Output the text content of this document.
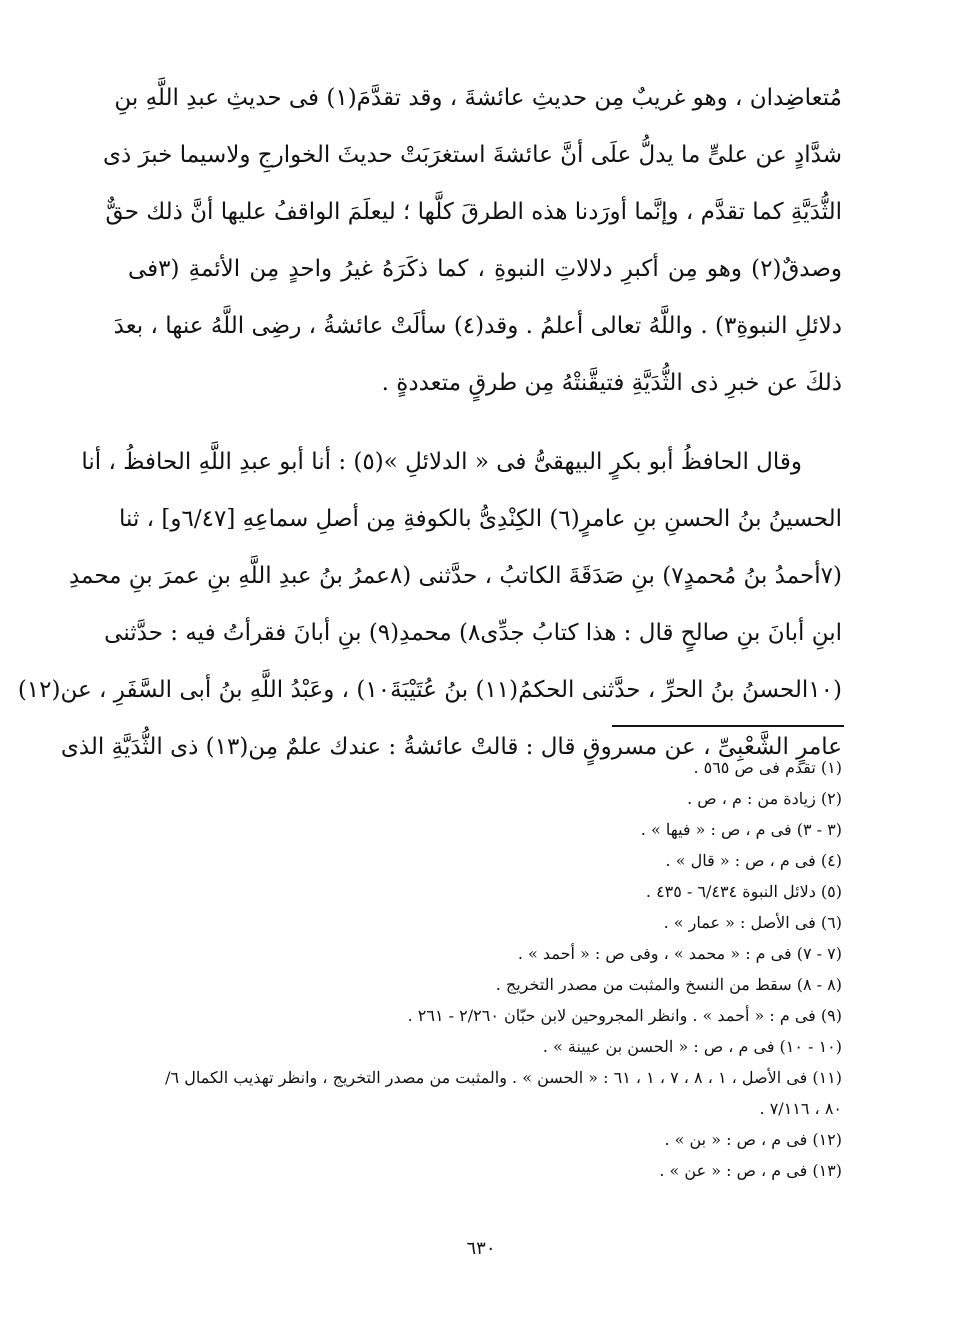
مُتعاضِدان ، وهو غريبٌ مِن حديثِ عائشةَ ، وقد تقدَّمَ(١) فى حديثِ عبدِ اللَّهِ بنِ
شدَّادٍ عن علىٍّ ما يدلُّ علَى أنَّ عائشةَ استغرَبَتْ حديثَ الخوارجِ ولاسيما خبرَ ذى
الثُّدَيَّةِ كما تقدَّم ، وإنَّما أورَدنا هذه الطرقَ كلَّها ؛ ليعلَمَ الواقفُ عليها أنَّ ذلك حقٌّ
وصدقٌ(٢) وهو مِن أكبرِ دلالاتِ النبوةِ ، كما ذكَرَهُ غيرُ واحدٍ مِن الأئمةِ (٣فى
دلائلِ النبوةِ٣) . واللَّهُ تعالى أعلمُ . وقد(٤) سألَتْ عائشةُ ، رضِى اللَّهُ عنها ، بعدَ
ذلكَ عن خبرِ ذى الثُّدَيَّةِ فتيقَّنتْهُ مِن طرقٍ متعددةٍ .
وقال الحافظُ أبو بكرٍ البيهقىُّ فى « الدلائلِ »(٥) : أنا أبو عبدِ اللَّهِ الحافظُ ، أنا
الحسينُ بنُ الحسنِ بنِ عامرٍ(٦) الكِنْدِىُّ بالكوفةِ مِن أصلِ سماعِهِ [٦/٤٧و] ، ثنا
(٧أحمدُ بنُ مُحمدٍ٧) بنِ صَدَقَةَ الكاتبُ ، حدَّثنى (٨عمرُ بنُ عبدِ اللَّهِ بنِ عمرَ بنِ محمدِ
ابنِ أبانَ بنِ صالحٍ قال : هذا كتابُ جدِّى٨) محمدِ(٩) بنِ أبانَ فقرأتُ فيه : حدَّثنى
(١٠الحسنُ بنُ الحرِّ ، حدَّثنى الحكمُ(١١) بنُ عُتَيْبَةَ١٠) ، وعَبْدُ اللَّهِ بنُ أبى السَّفَرِ ، عن(١٢)
عامرٍ الشَّعْبِىِّ ، عن مسروقٍ قال : قالتْ عائشةُ : عندك علمٌ مِن(١٣) ذى الثُّدَيَّةِ الذى
(١) تقدم فى ص ٥٦٥ .
(٢) زيادة من : م ، ص .
(٣ - ٣) فى م ، ص : « فيها » .
(٤) فى م ، ص : « قال » .
(٥) دلائل النبوة ٦/٤٣٤ - ٤٣٥ .
(٦) فى الأصل : « عمار » .
(٧ - ٧) فى م : « محمد » ، وفى ص : « أحمد » .
(٨ - ٨) سقط من النسخ والمثبت من مصدر التخريج .
(٩) فى م : « أحمد » . وانظر المجروحين لابن حبّان ٢/٢٦٠ - ٢٦١ .
(١٠ - ١٠) فى م ، ص : « الحسن بن عيينة » .
(١١) فى الأصل ، ١ ، ٨ ، ٧ ، ١ ، ٦١ : « الحسن » . والمثبت من مصدر التخريج ، وانظر تهذيب الكمال ٦/
٨٠ ، ٧/١١٦ .
(١٢) فى م ، ص : « بن » .
(١٣) فى م ، ص : « عن » .
٦٣٠
